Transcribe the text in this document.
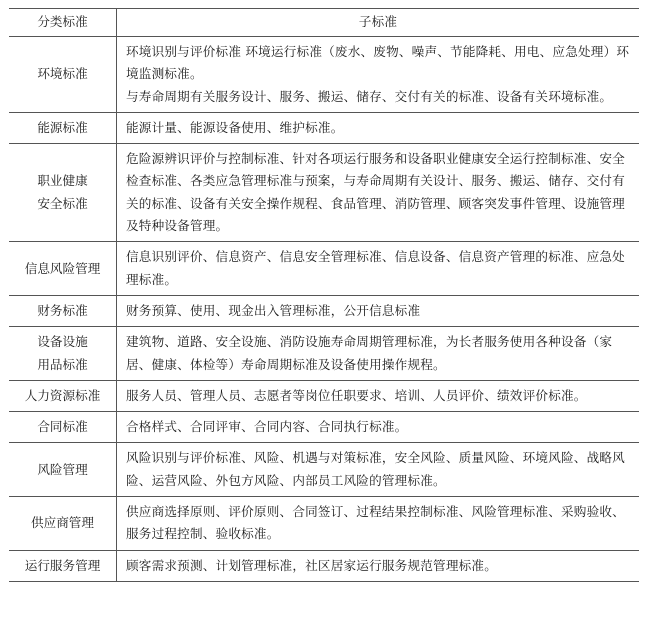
分类标准	子标准

环境标准	环境识别与评价标准 环境运行标准（废水、废物、噪声、节能降耗、用电、应急处理）环境监测标准。
与寿命周期有关服务设计、服务、搬运、储存、交付有关的标准、设备有关环境标准。

能源标准	能源计量、能源设备使用、维护标准。

职业健康
安全标准	危险源辨识评价与控制标准、针对各项运行服务和设备职业健康安全运行控制标准、安全检查标准、各类应急管理标准与预案，与寿命周期有关设计、服务、搬运、储存、交付有关的标准、设备有关安全操作规程、食品管理、消防管理、顾客突发事件管理、设施管理及特种设备管理。

信息风险管理	信息识别评价、信息资产、信息安全管理标准、信息设备、信息资产管理的标准、应急处理标准。

财务标准	财务预算、使用、现金出入管理标准，公开信息标准

设备设施
用品标准	建筑物、道路、安全设施、消防设施寿命周期管理标准，为长者服务使用各种设备（家居、健康、体检等）寿命周期标准及设备使用操作规程。

人力资源标准	服务人员、管理人员、志愿者等岗位任职要求、培训、人员评价、绩效评价标准。

合同标准	合格样式、合同评审、合同内容、合同执行标准。

风险管理	风险识别与评价标准、风险、机遇与对策标准，安全风险、质量风险、环境风险、战略风险、运营风险、外包方风险、内部员工风险的管理标准。

供应商管理	供应商选择原则、评价原则、合同签订、过程结果控制标准、风险管理标准、采购验收、服务过程控制、验收标准。

运行服务管理	顾客需求预测、计划管理标准，社区居家运行服务规范管理标准。
